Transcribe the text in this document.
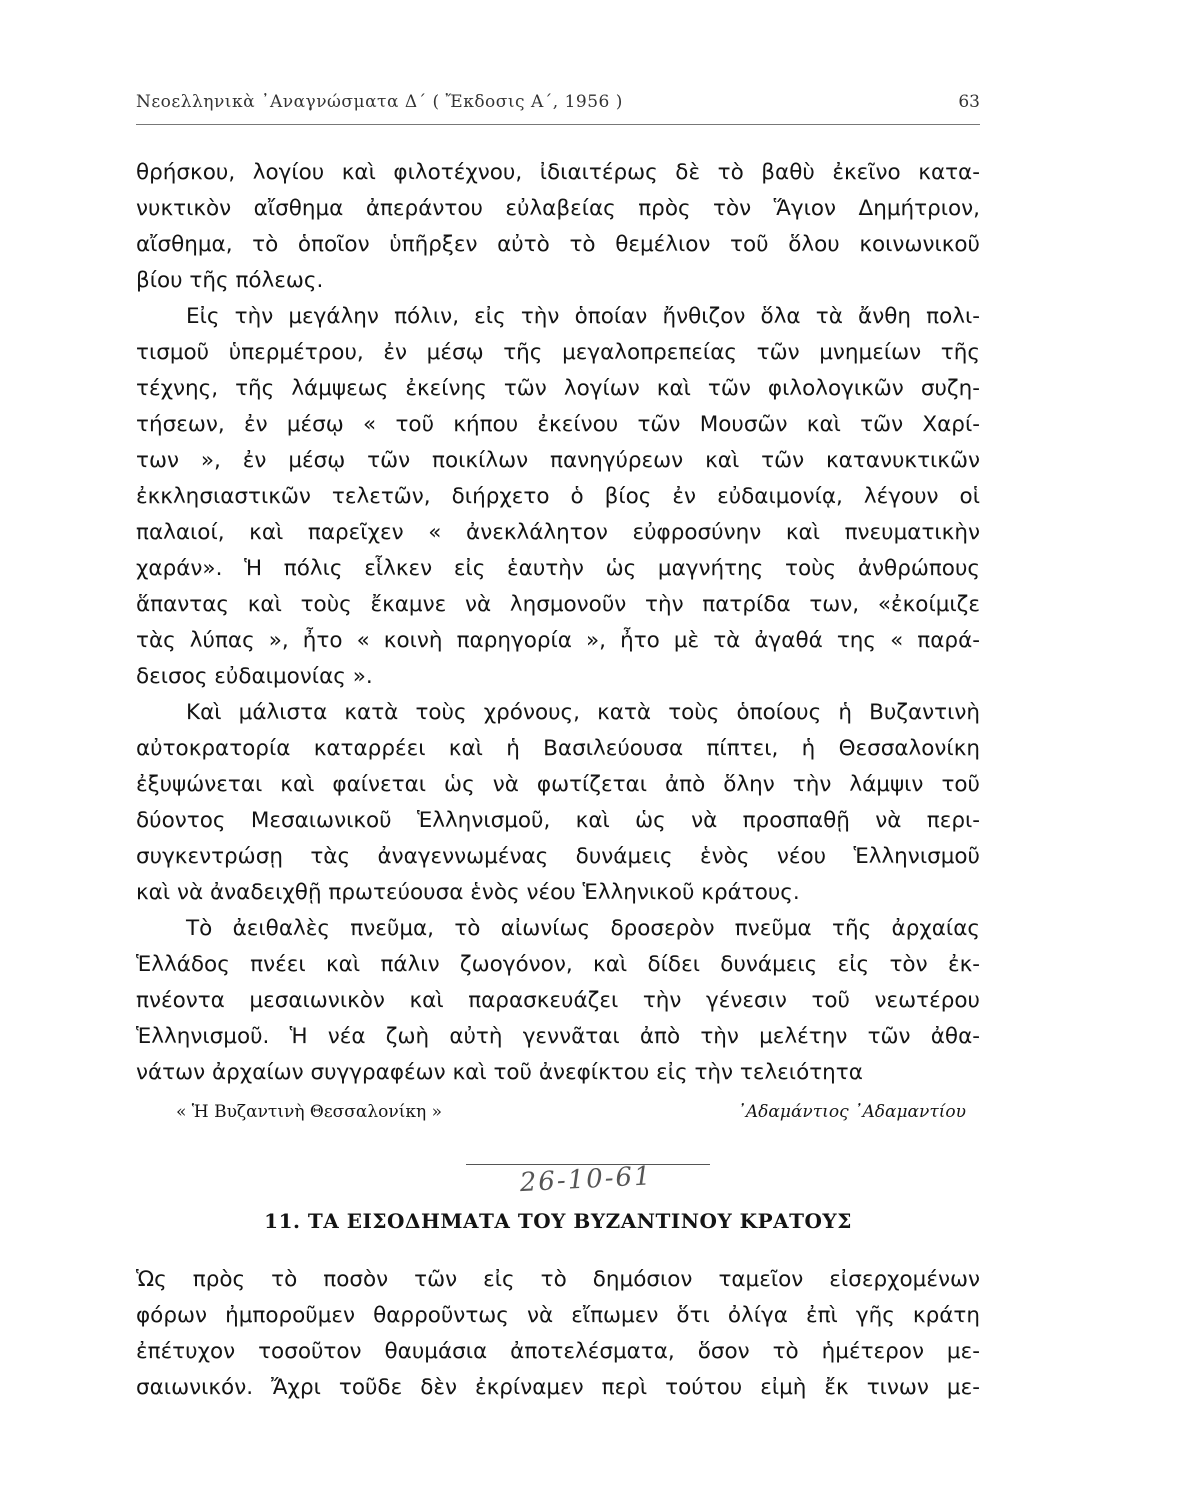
Νεοελληνικὰ ᾿Αναγνώσματα Δ΄ ( Ἔκδοσις Α΄, 1956 )	63
θρήσκου, λογίου καὶ φιλοτέχνου, ἰδιαιτέρως δὲ τὸ βαθὺ ἐκεῖνο κατα-
νυκτικὸν αἴσθημα ἀπεράντου εὐλαβείας πρὸς τὸν Ἅγιον Δημήτριον,
αἴσθημα, τὸ ὁποῖον ὑπῆρξεν αὐτὸ τὸ θεμέλιον τοῦ ὅλου κοινωνικοῦ
βίου τῆς πόλεως.
Εἰς τὴν μεγάλην πόλιν, εἰς τὴν ὁποίαν ἤνθιζον ὅλα τὰ ἄνθη πολι-
τισμοῦ ὑπερμέτρου, ἐν μέσῳ τῆς μεγαλοπρεπείας τῶν μνημείων τῆς
τέχνης, τῆς λάμψεως ἐκείνης τῶν λογίων καὶ τῶν φιλολογικῶν συζη-
τήσεων, ἐν μέσῳ « τοῦ κήπου ἐκείνου τῶν Μουσῶν καὶ τῶν Χαρί-
των », ἐν μέσῳ τῶν ποικίλων πανηγύρεων καὶ τῶν κατανυκτικῶν
ἐκκλησιαστικῶν τελετῶν, διήρχετο ὁ βίος ἐν εὐδαιμονίᾳ, λέγουν οἱ
παλαιοί, καὶ παρεῖχεν « ἀνεκλάλητον εὐφροσύνην καὶ πνευματικὴν
χαράν». Ἡ πόλις εἷλκεν εἰς ἑαυτὴν ὡς μαγνήτης τοὺς ἀνθρώπους
ἅπαντας καὶ τοὺς ἔκαμνε νὰ λησμονοῦν τὴν πατρίδα των, «ἐκοίμιζε
τὰς λύπας », ἦτο « κοινὴ παρηγορία », ἦτο μὲ τὰ ἀγαθά της « παρά-
δεισος εὐδαιμονίας ».
Καὶ μάλιστα κατὰ τοὺς χρόνους, κατὰ τοὺς ὁποίους ἡ Βυζαντινὴ
αὐτοκρατορία καταρρέει καὶ ἡ Βασιλεύουσα πίπτει, ἡ Θεσσαλονίκη
ἐξυψώνεται καὶ φαίνεται ὡς νὰ φωτίζεται ἀπὸ ὅλην τὴν λάμψιν τοῦ
δύοντος Μεσαιωνικοῦ Ἑλληνισμοῦ, καὶ ὡς νὰ προσπαθῇ νὰ περι-
συγκεντρώσῃ τὰς ἀναγεννωμένας δυνάμεις ἑνὸς νέου Ἑλληνισμοῦ
καὶ νὰ ἀναδειχθῇ πρωτεύουσα ἑνὸς νέου Ἑλληνικοῦ κράτους.
Τὸ ἀειθαλὲς πνεῦμα, τὸ αἰωνίως δροσερὸν πνεῦμα τῆς ἀρχαίας
Ἑλλάδος πνέει καὶ πάλιν ζωογόνον, καὶ δίδει δυνάμεις εἰς τὸν ἐκ-
πνέοντα μεσαιωνικὸν καὶ παρασκευάζει τὴν γένεσιν τοῦ νεωτέρου
Ἑλληνισμοῦ. Ἡ νέα ζωὴ αὐτὴ γεννᾶται ἀπὸ τὴν μελέτην τῶν ἀθα-
νάτων ἀρχαίων συγγραφέων καὶ τοῦ ἀνεφίκτου εἰς τὴν τελειότητα
« Ἡ Βυζαντινὴ Θεσσαλονίκη »	᾿Αδαμάντιος ᾿Αδαμαντίου
26-10-61
11. ΤΑ ΕΙΣΟΔΗΜΑΤΑ ΤΟΥ ΒΥΖΑΝΤΙΝΟΥ ΚΡΑΤΟΥΣ
Ὡς πρὸς τὸ ποσὸν τῶν εἰς τὸ δημόσιον ταμεῖον εἰσερχομένων
φόρων ἠμποροῦμεν θαρροῦντως νὰ εἴπωμεν ὅτι ὀλίγα ἐπὶ γῆς κράτη
ἐπέτυχον τοσοῦτον θαυμάσια ἀποτελέσματα, ὅσον τὸ ἡμέτερον με-
σαιωνικόν. Ἄχρι τοῦδε δὲν ἐκρίναμεν περὶ τούτου εἰμὴ ἔκ τινων με-
